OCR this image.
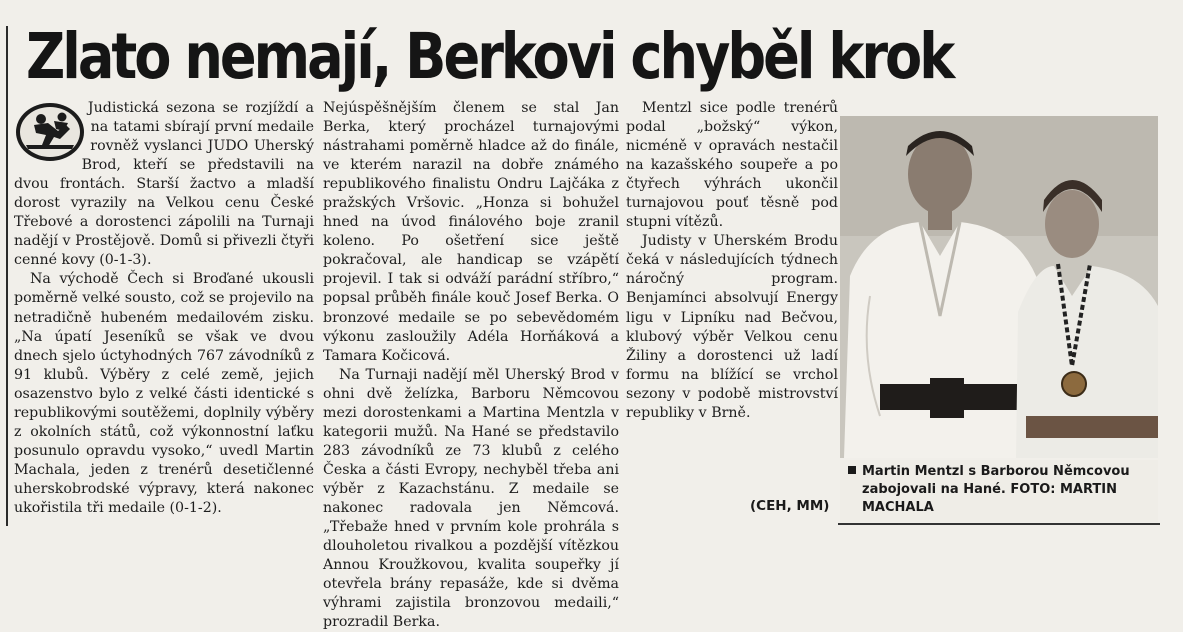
Zlato nemají, Berkovi chyběl krok

Judistická sezona se rozjíždí a na tatami sbírají první medaile rovněž vyslanci JUDO Uherský Brod, kteří se představili na dvou frontách. Starší žactvo a mladší dorost vyrazily na Velkou cenu České Třebové a dorostenci zápolili na Turnaji nadějí v Prostějově. Domů si přivezli čtyři cenné kovy (0-1-3).

Na východě Čech si Broďané ukousli poměrně velké sousto, což se projevilo na netradičně hubeném medailovém zisku. „Na úpatí Jeseníků se však ve dvou dnech sjelo úctyhodných 767 závodníků z 91 klubů. Výběry z celé země, jejich osazenstvo bylo z velké části identické s republikovými soutěžemi, doplnily výběry z okolních států, což výkonnostní laťku posunulo opravdu vysoko,“ uvedl Martin Machala, jeden z trenérů desetičlenné uherskobrodské výpravy, která nakonec ukořistila tři medaile (0-1-2).

Nejúspěšnějším členem se stal Jan Berka, který procházel turnajovými nástrahami poměrně hladce až do finále, ve kterém narazil na dobře známého republikového finalistu Ondru Lajčáka z pražských Vršovic. „Honza si bohužel hned na úvod finálového boje zranil koleno. Po ošetření sice ještě pokračoval, ale handicap se vzápětí projevil. I tak si odváží parádní stříbro,“ popsal průběh finále kouč Josef Berka. O bronzové medaile se po sebevědomém výkonu zasloužily Adéla Horňáková a Tamara Kočicová.

Na Turnaji nadějí měl Uherský Brod v ohni dvě želízka, Barboru Němcovou mezi dorostenkami a Martina Mentzla v kategorii mužů. Na Hané se představilo 283 závodníků ze 73 klubů z celého Česka a části Evropy, nechyběl třeba ani výběr z Kazachstánu. Z medaile se nakonec radovala jen Němcová. „Třebaže hned v prvním kole prohrála s dlouholetou rivalkou a pozdější vítězkou Annou Kroužkovou, kvalita soupeřky jí otevřela brány repasáže, kde si dvěma výhrami zajistila bronzovou medaili,“ prozradil Berka.

Mentzl sice podle trenérů podal „božský“ výkon, nicméně v opravách nestačil na kazašského soupeře a po čtyřech výhrách ukončil turnajovou pouť těsně pod stupni vítězů.

Judisty v Uherském Brodu čeká v následujících týdnech náročný program. Benjamínci absolvují Energy ligu v Lipníku nad Bečvou, klubový výběr Velkou cenu Žiliny a dorostenci už ladí formu na blížící se vrchol sezony v podobě mistrovství republiky v Brně.

(CEH, MM)
Martin Mentzl s Barborou Němcovou
zabojovali na Hané. FOTO: MARTIN
MACHALA
